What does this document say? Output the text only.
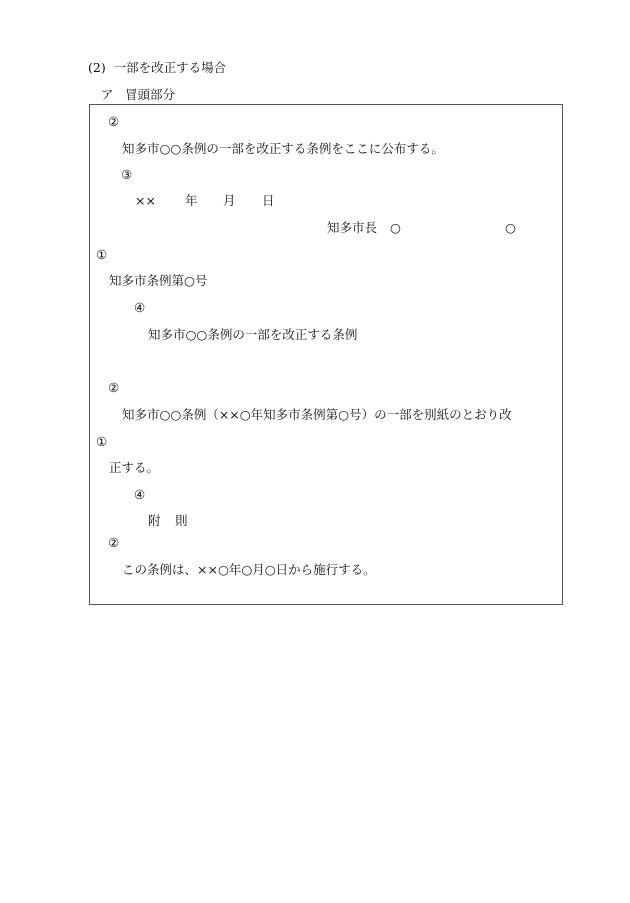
(2)  一部を改正する場合
ア 冒頭部分
②
知多市○○条例の一部を改正する条例をここに公布する。
③
×× 年 月 日
知多市長 ○	○
①
知多市条例第○号
④
知多市○○条例の一部を改正する条例
②
知多市○○条例（××○年知多市条例第○号）の一部を別紙のとおり改
①
正する。
④
附 則
②
この条例は、××○年○月○日から施行する。
